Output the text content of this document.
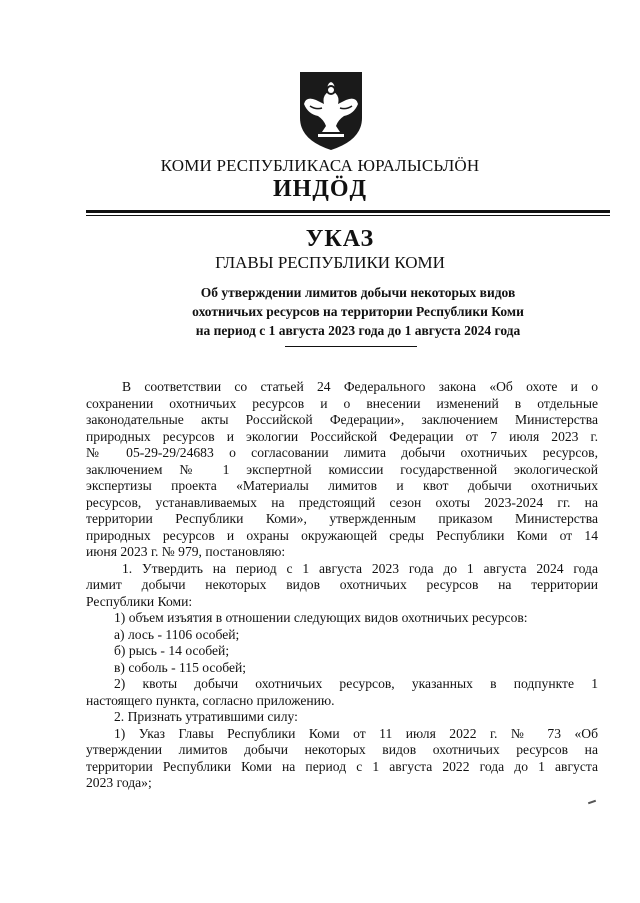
КОМИ РЕСПУБЛИКАСА ЮРАЛЫСЬЛӦН
ИНДӦД
УКАЗ
ГЛАВЫ РЕСПУБЛИКИ КОМИ
Об утверждении лимитов добычи некоторых видов
охотничьих ресурсов на территории Республики Коми
на период с 1 августа 2023 года до 1 августа 2024 года
В соответствии со статьей 24 Федерального закона «Об охоте и о
сохранении охотничьих ресурсов и о внесении изменений в отдельные
законодательные акты Российской Федерации», заключением Министерства
природных ресурсов и экологии Российской Федерации от 7 июля 2023 г.
№ 05-29-29/24683 о согласовании лимита добычи охотничьих ресурсов,
заключением № 1 экспертной комиссии государственной экологической
экспертизы проекта «Материалы лимитов и квот добычи охотничьих
ресурсов, устанавливаемых на предстоящий сезон охоты 2023-2024 гг. на
территории Республики Коми», утвержденным приказом Министерства
природных ресурсов и охраны окружающей среды Республики Коми от 14
июня 2023 г. № 979, постановляю:
1. Утвердить на период с 1 августа 2023 года до 1 августа 2024 года
лимит добычи некоторых видов охотничьих ресурсов на территории
Республики Коми:
1) объем изъятия в отношении следующих видов охотничьих ресурсов:
а) лось - 1106 особей;
б) рысь - 14 особей;
в) соболь - 115 особей;
2) квоты добычи охотничьих ресурсов, указанных в подпункте 1
настоящего пункта, согласно приложению.
2. Признать утратившими силу:
1) Указ Главы Республики Коми от 11 июля 2022 г. № 73 «Об
утверждении лимитов добычи некоторых видов охотничьих ресурсов на
территории Республики Коми на период с 1 августа 2022 года до 1 августа
2023 года»;
